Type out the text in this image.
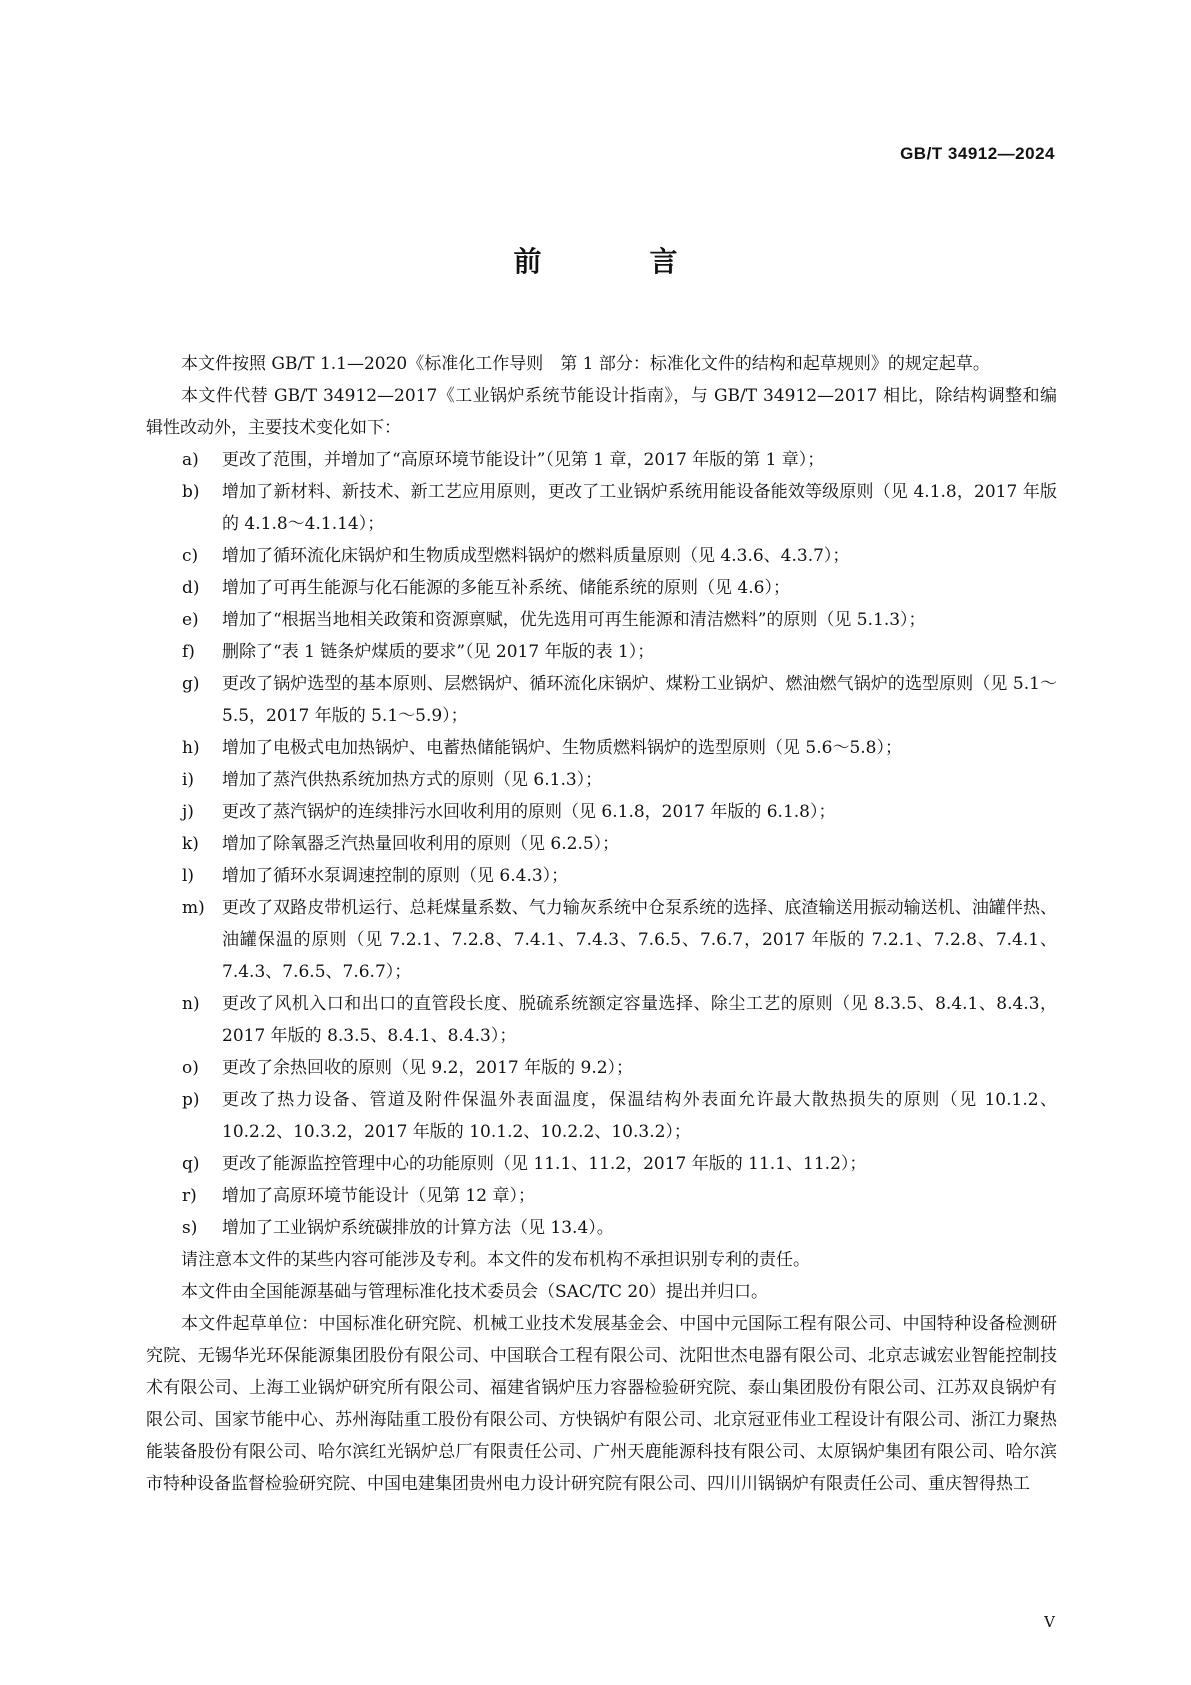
GB/T 34912—2024
前　言

本文件按照 GB/T 1.1—2020《标准化工作导则　第 1 部分：标准化文件的结构和起草规则》的规定起草。

本文件代替 GB/T 34912—2017《工业锅炉系统节能设计指南》，与 GB/T 34912—2017 相比，除结构调整和编辑性改动外，主要技术变化如下：

a) 更改了范围，并增加了“高原环境节能设计”（见第 1 章，2017 年版的第 1 章）；
b) 增加了新材料、新技术、新工艺应用原则，更改了工业锅炉系统用能设备能效等级原则（见 4.1.8，2017 年版的 4.1.8～4.1.14）；
c) 增加了循环流化床锅炉和生物质成型燃料锅炉的燃料质量原则（见 4.3.6、4.3.7）；
d) 增加了可再生能源与化石能源的多能互补系统、储能系统的原则（见 4.6）；
e) 增加了“根据当地相关政策和资源禀赋，优先选用可再生能源和清洁燃料”的原则（见 5.1.3）；
f) 删除了“表 1 链条炉煤质的要求”（见 2017 年版的表 1）；
g) 更改了锅炉选型的基本原则、层燃锅炉、循环流化床锅炉、煤粉工业锅炉、燃油燃气锅炉的选型原则（见 5.1～5.5，2017 年版的 5.1～5.9）；
h) 增加了电极式电加热锅炉、电蓄热储能锅炉、生物质燃料锅炉的选型原则（见 5.6～5.8）；
i) 增加了蒸汽供热系统加热方式的原则（见 6.1.3）；
j) 更改了蒸汽锅炉的连续排污水回收利用的原则（见 6.1.8，2017 年版的 6.1.8）；
k) 增加了除氧器乏汽热量回收利用的原则（见 6.2.5）；
l) 增加了循环水泵调速控制的原则（见 6.4.3）；
m) 更改了双路皮带机运行、总耗煤量系数、气力输灰系统中仓泵系统的选择、底渣输送用振动输送机、油罐伴热、油罐保温的原则（见 7.2.1、7.2.8、7.4.1、7.4.3、7.6.5、7.6.7，2017 年版的 7.2.1、7.2.8、7.4.1、7.4.3、7.6.5、7.6.7）；
n) 更改了风机入口和出口的直管段长度、脱硫系统额定容量选择、除尘工艺的原则（见 8.3.5、8.4.1、8.4.3，2017 年版的 8.3.5、8.4.1、8.4.3）；
o) 更改了余热回收的原则（见 9.2，2017 年版的 9.2）；
p) 更改了热力设备、管道及附件保温外表面温度，保温结构外表面允许最大散热损失的原则（见 10.1.2、10.2.2、10.3.2，2017 年版的 10.1.2、10.2.2、10.3.2）；
q) 更改了能源监控管理中心的功能原则（见 11.1、11.2，2017 年版的 11.1、11.2）；
r) 增加了高原环境节能设计（见第 12 章）；
s) 增加了工业锅炉系统碳排放的计算方法（见 13.4）。

请注意本文件的某些内容可能涉及专利。本文件的发布机构不承担识别专利的责任。

本文件由全国能源基础与管理标准化技术委员会（SAC/TC 20）提出并归口。

本文件起草单位：中国标准化研究院、机械工业技术发展基金会、中国中元国际工程有限公司、中国特种设备检测研究院、无锡华光环保能源集团股份有限公司、中国联合工程有限公司、沈阳世杰电器有限公司、北京志诚宏业智能控制技术有限公司、上海工业锅炉研究所有限公司、福建省锅炉压力容器检验研究院、泰山集团股份有限公司、江苏双良锅炉有限公司、国家节能中心、苏州海陆重工股份有限公司、方快锅炉有限公司、北京冠亚伟业工程设计有限公司、浙江力聚热能装备股份有限公司、哈尔滨红光锅炉总厂有限责任公司、广州天鹿能源科技有限公司、太原锅炉集团有限公司、哈尔滨市特种设备监督检验研究院、中国电建集团贵州电力设计研究院有限公司、四川川锅锅炉有限责任公司、重庆智得热工

V
